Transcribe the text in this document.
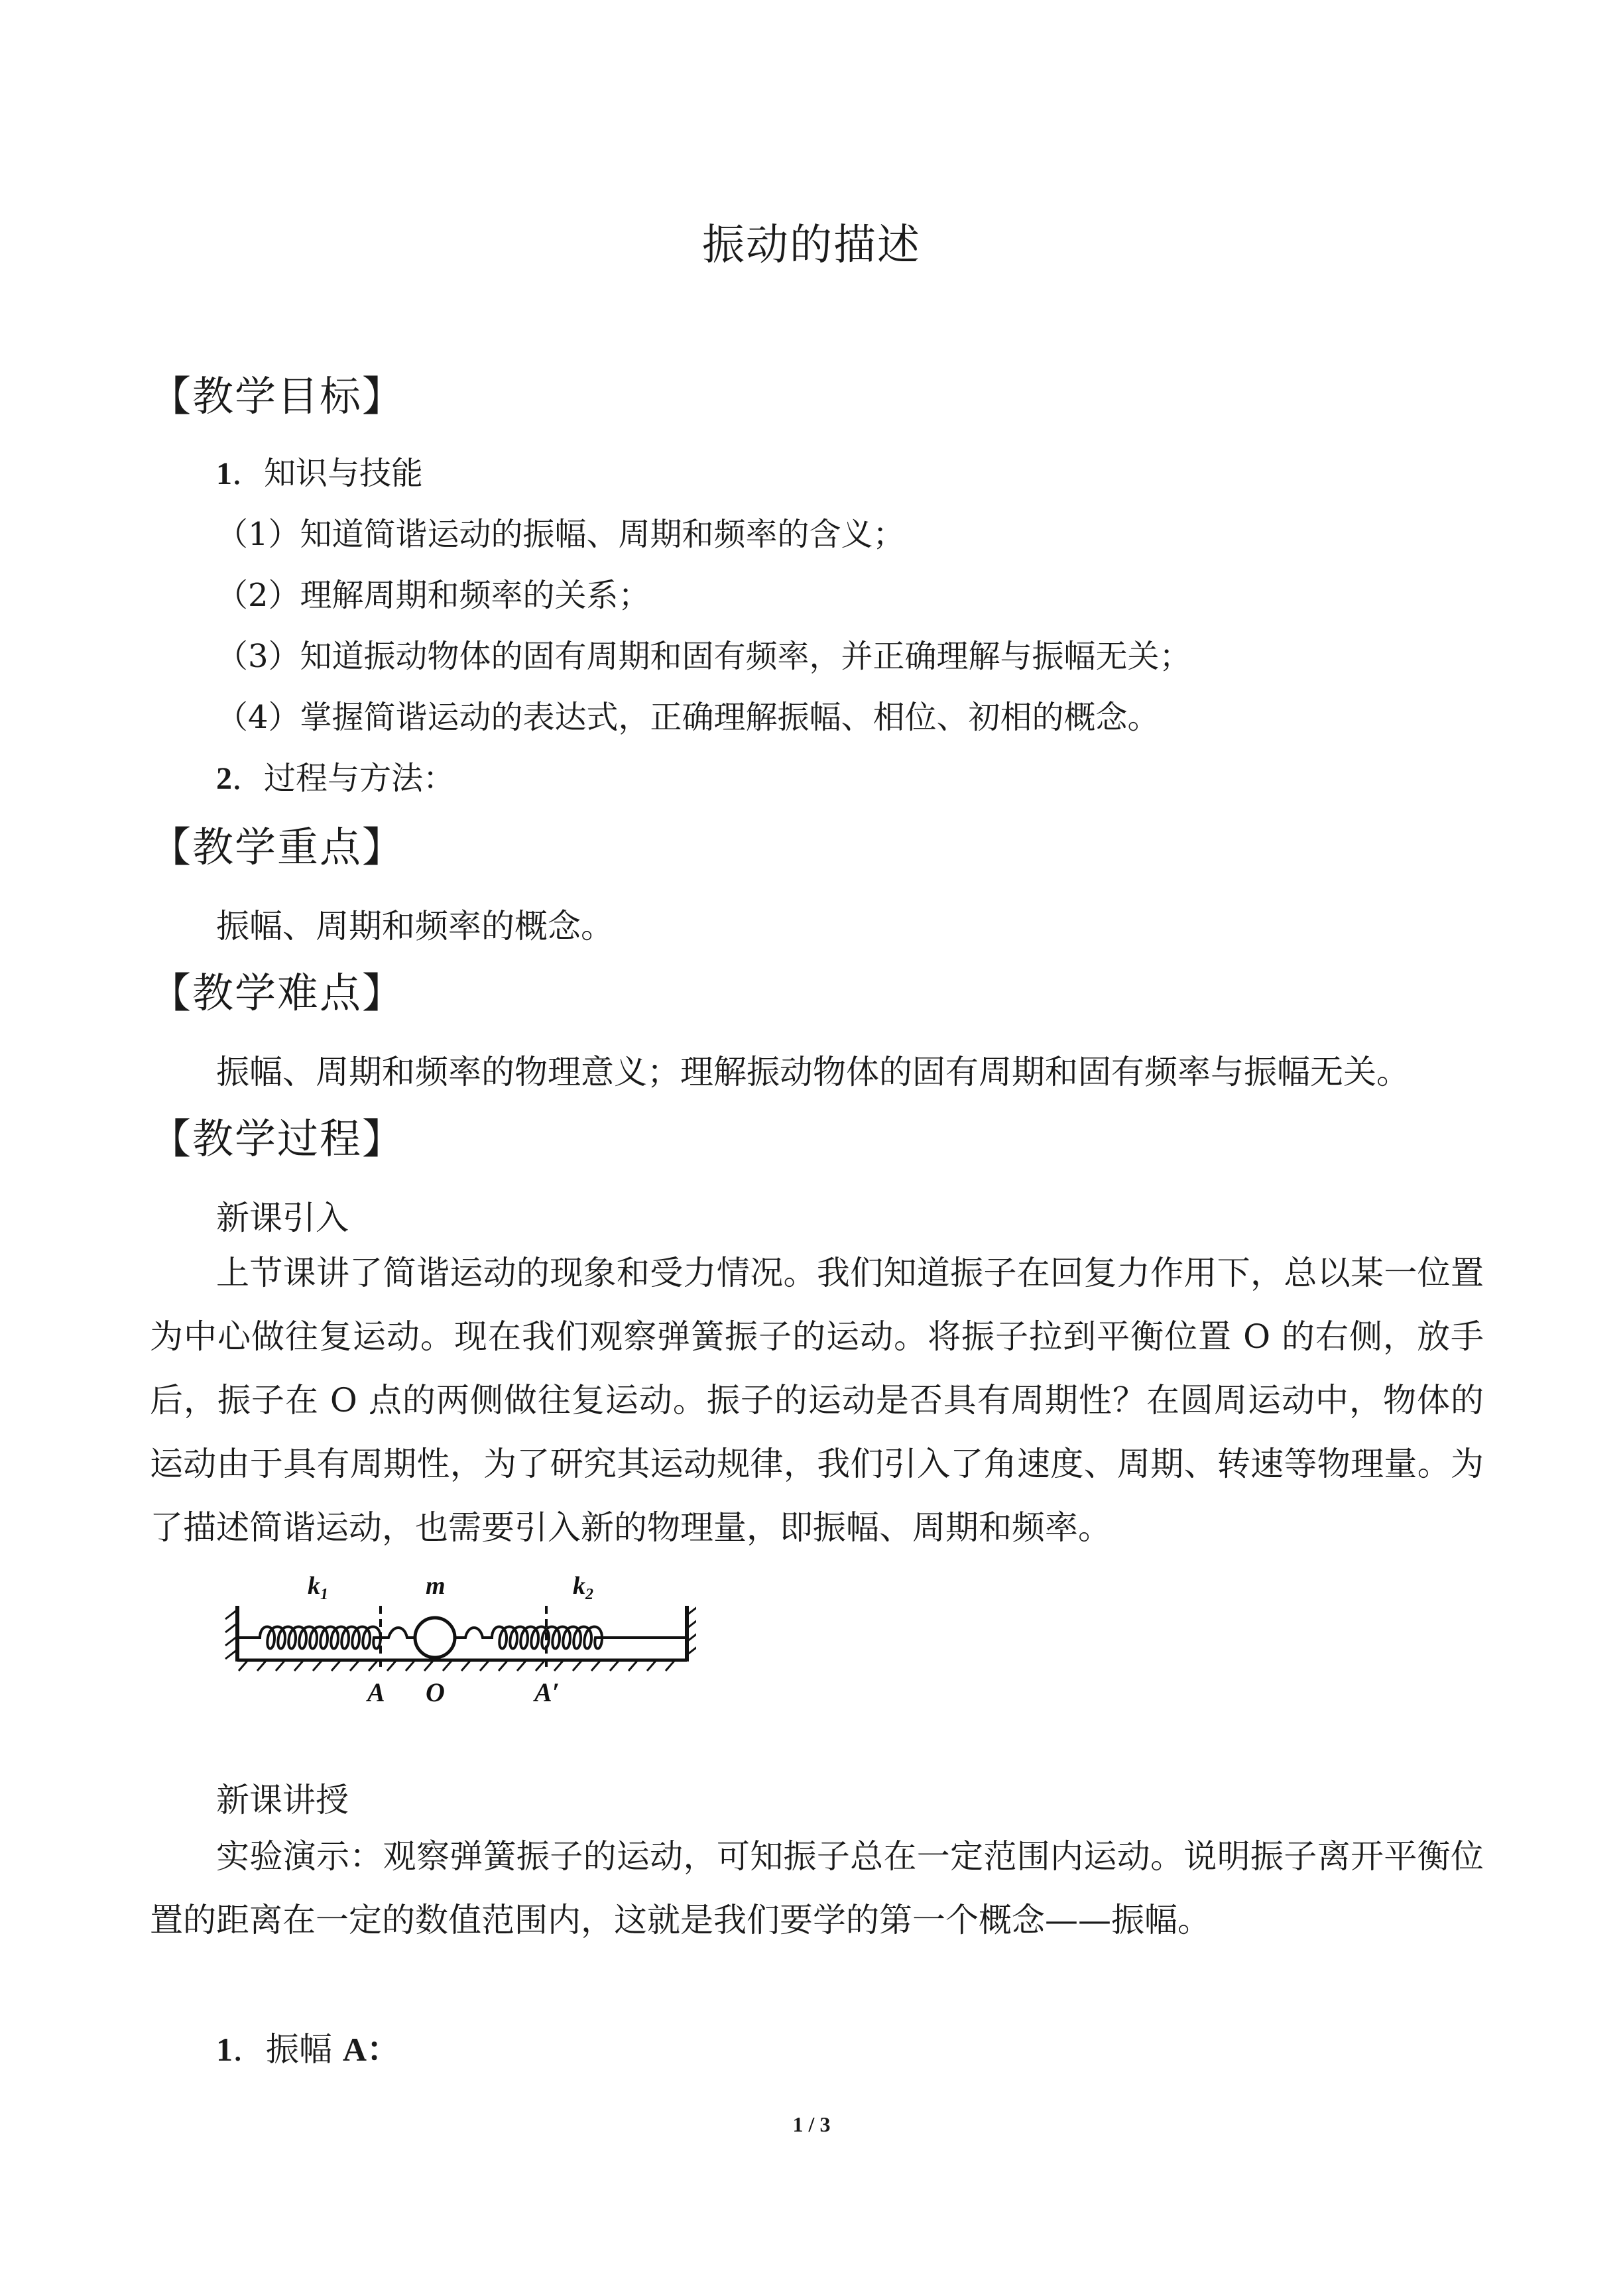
振动的描述
【教学目标】
1．知识与技能
（1）知道简谐运动的振幅、周期和频率的含义；
（2）理解周期和频率的关系；
（3）知道振动物体的固有周期和固有频率，并正确理解与振幅无关；
（4）掌握简谐运动的表达式，正确理解振幅、相位、初相的概念。
2．过程与方法：
【教学重点】
振幅、周期和频率的概念。
【教学难点】
振幅、周期和频率的物理意义；理解振动物体的固有周期和固有频率与振幅无关。
【教学过程】
新课引入
上节课讲了简谐运动的现象和受力情况。我们知道振子在回复力作用下，总以某一位置为中心做往复运动。现在我们观察弹簧振子的运动。将振子拉到平衡位置 O 的右侧，放手后，振子在 O 点的两侧做往复运动。振子的运动是否具有周期性？在圆周运动中，物体的运动由于具有周期性，为了研究其运动规律，我们引入了角速度、周期、转速等物理量。为了描述简谐运动，也需要引入新的物理量，即振幅、周期和频率。
$k_1$	m	$k_2$
A O	A′
新课讲授
实验演示：观察弹簧振子的运动，可知振子总在一定范围内运动。说明振子离开平衡位置的距离在一定的数值范围内，这就是我们要学的第一个概念——振幅。
1．振幅 A：
1 / 3
